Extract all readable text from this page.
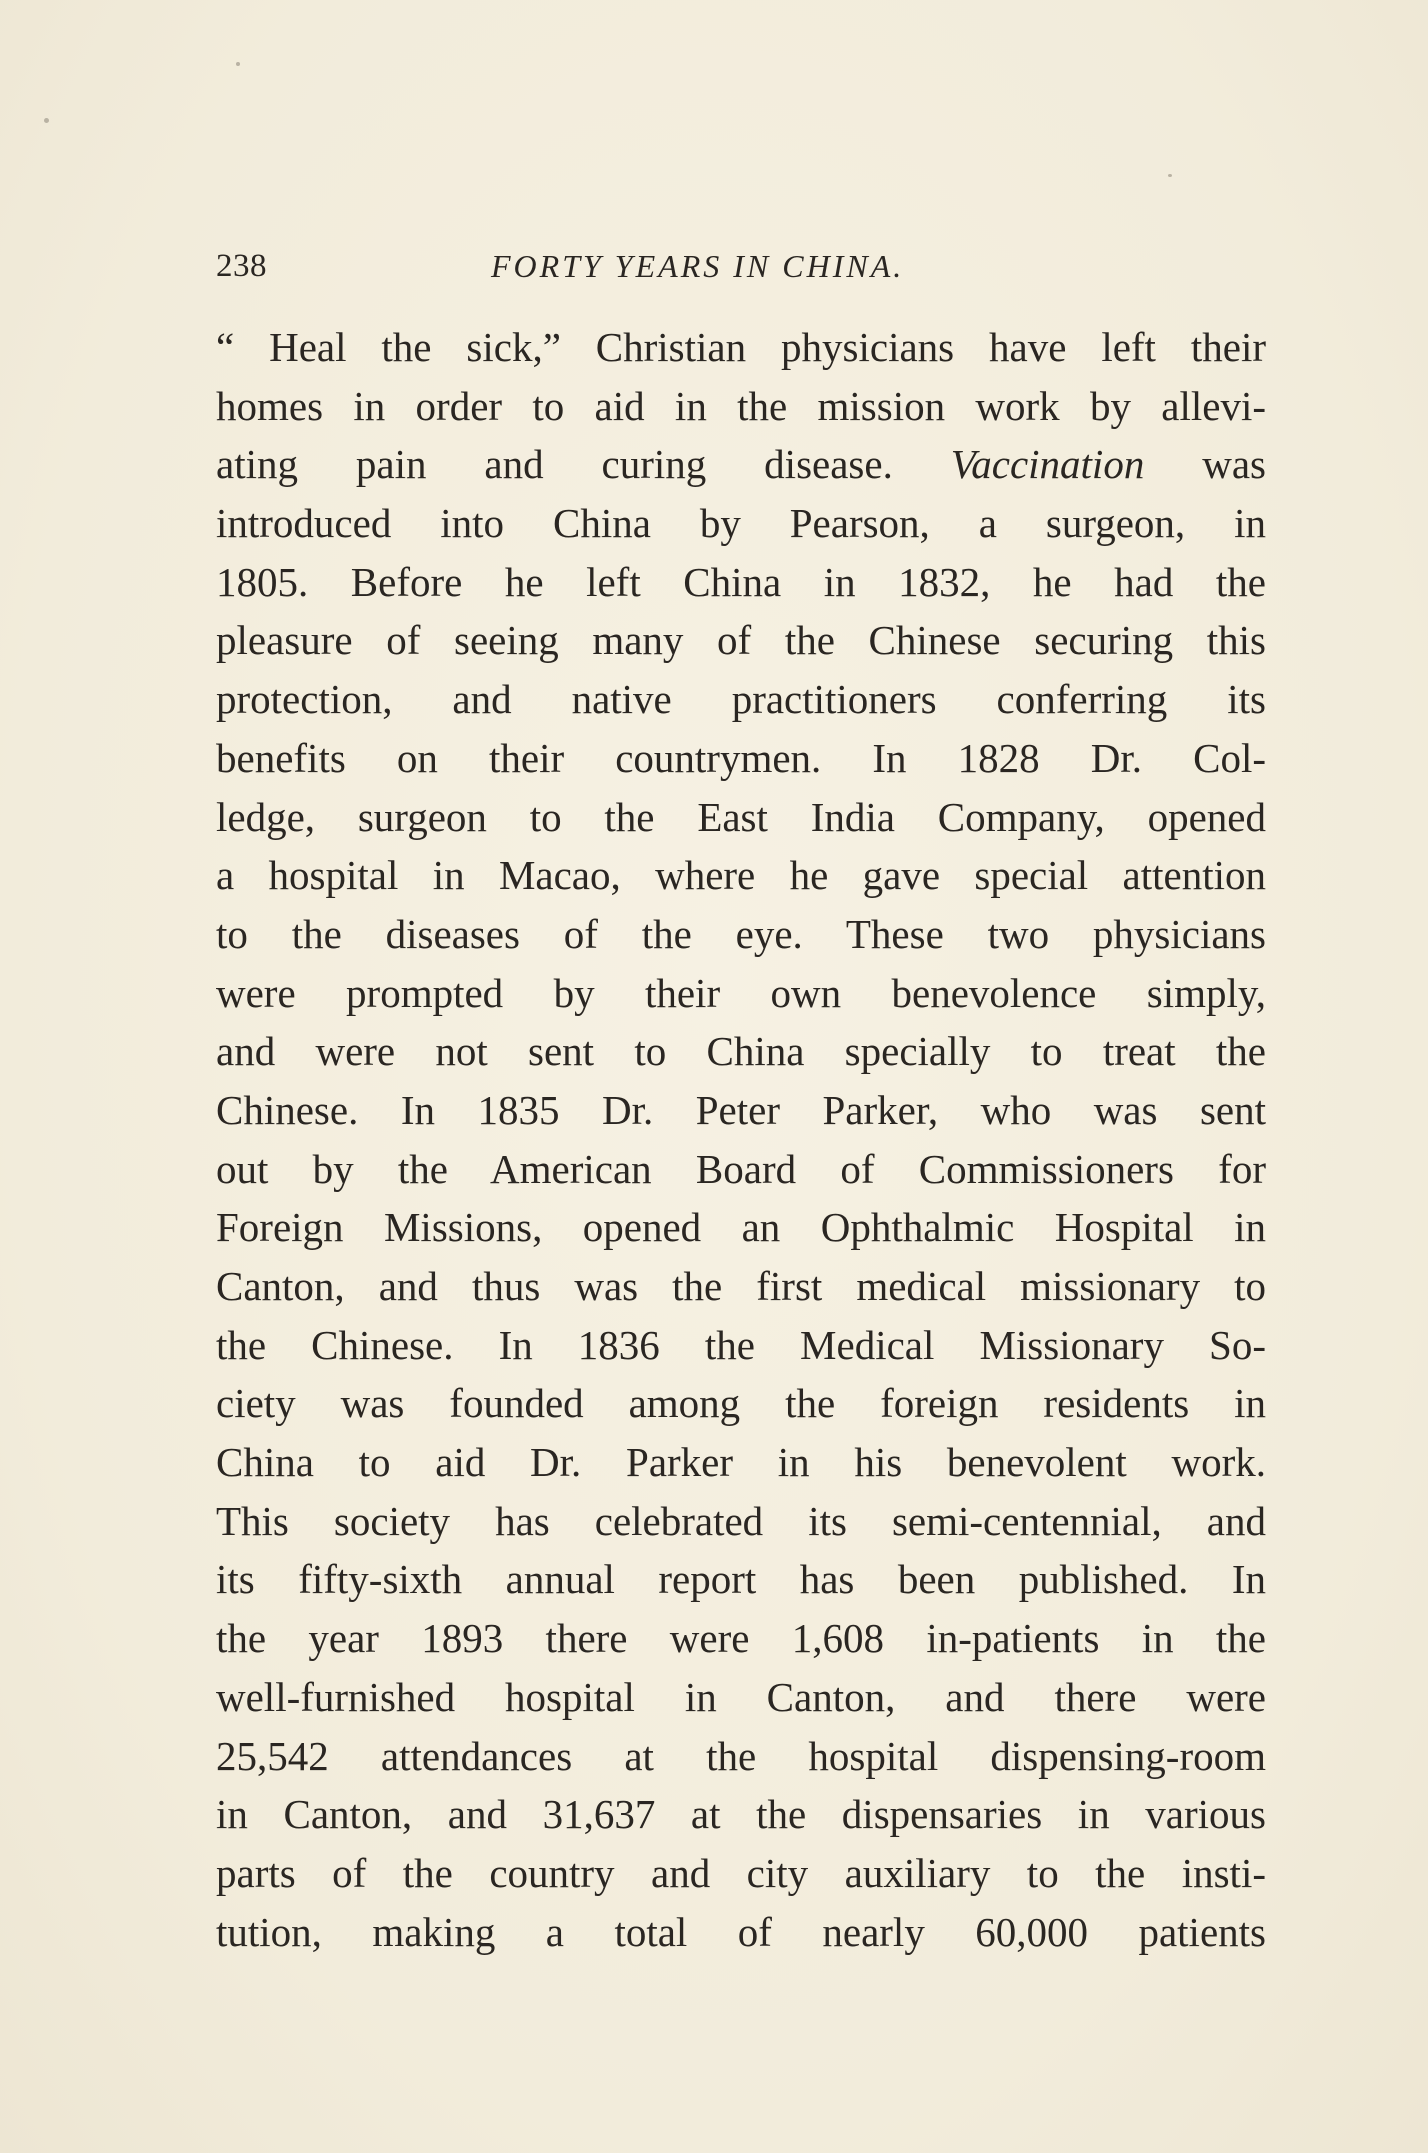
238	FORTY YEARS IN CHINA.
“ Heal the sick,” Christian physicians have left their
homes in order to aid in the mission work by allevi-
ating pain and curing disease. Vaccination was
introduced into China by Pearson, a surgeon, in
1805. Before he left China in 1832, he had the
pleasure of seeing many of the Chinese securing this
protection, and native practitioners conferring its
benefits on their countrymen. In 1828 Dr. Col-
ledge, surgeon to the East India Company, opened
a hospital in Macao, where he gave special attention
to the diseases of the eye. These two physicians
were prompted by their own benevolence simply,
and were not sent to China specially to treat the
Chinese. In 1835 Dr. Peter Parker, who was sent
out by the American Board of Commissioners for
Foreign Missions, opened an Ophthalmic Hospital in
Canton, and thus was the first medical missionary to
the Chinese. In 1836 the Medical Missionary So-
ciety was founded among the foreign residents in
China to aid Dr. Parker in his benevolent work.
This society has celebrated its semi-centennial, and
its fifty-sixth annual report has been published. In
the year 1893 there were 1,608 in-patients in the
well-furnished hospital in Canton, and there were
25,542 attendances at the hospital dispensing-room
in Canton, and 31,637 at the dispensaries in various
parts of the country and city auxiliary to the insti-
tution, making a total of nearly 60,000 patients
